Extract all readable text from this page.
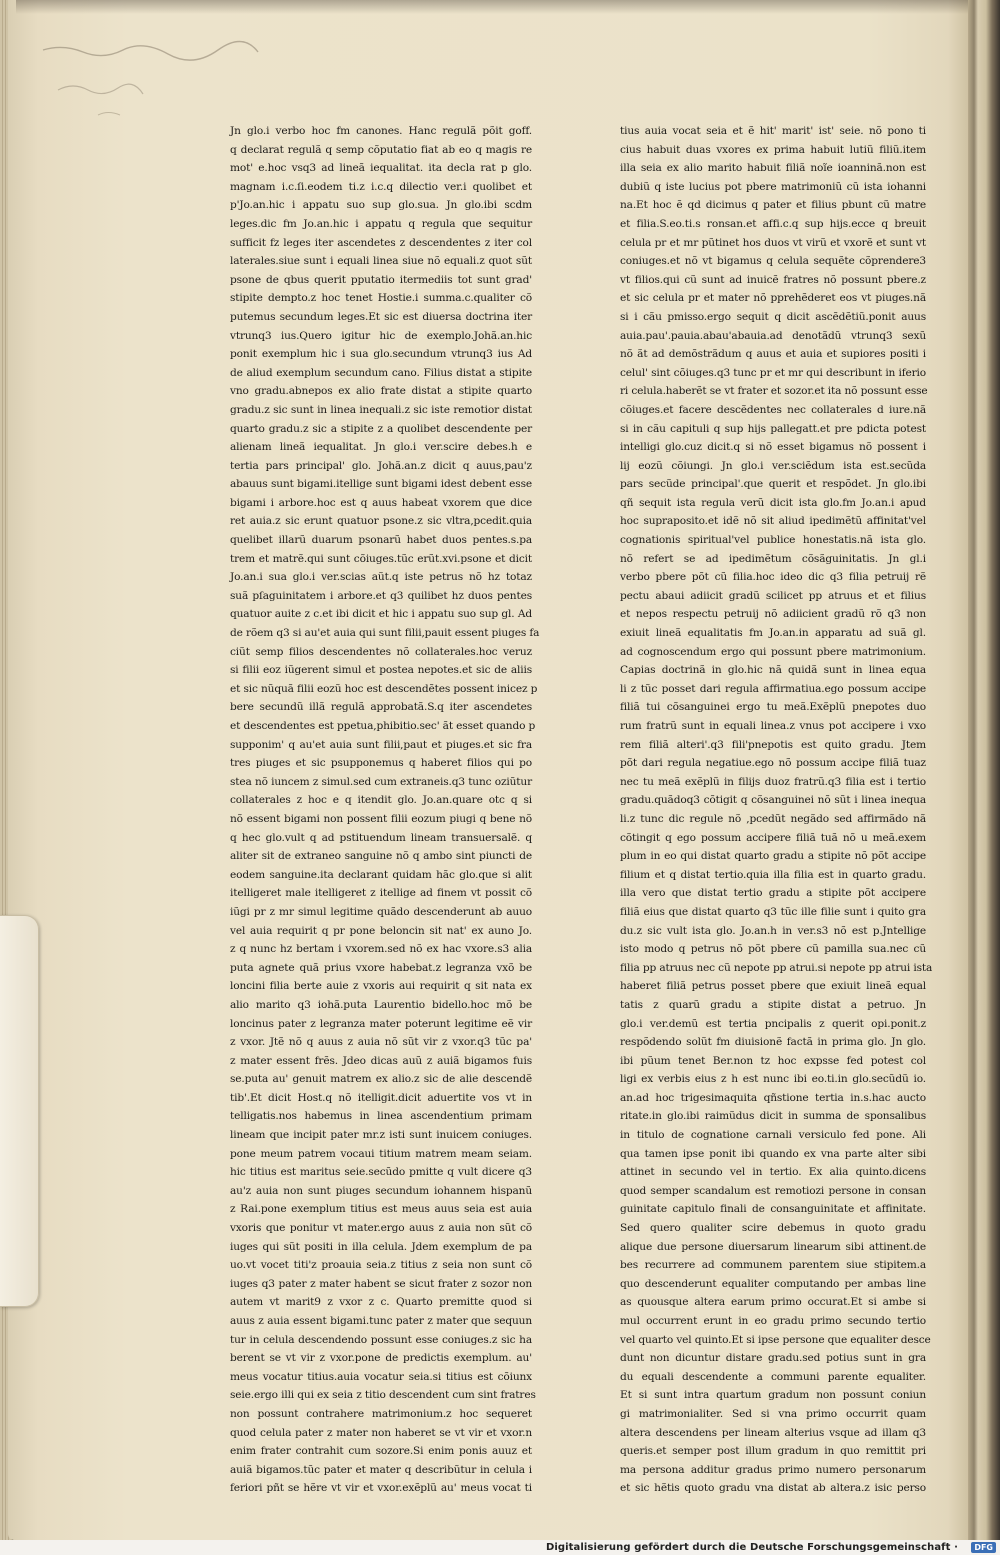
Jn glo.i verbo hoc fm canones. Hanc regulã põit goff.
q declarat regulã q semp cõputatio fiat ab eo q magis re
mot' e.hoc vsq3 ad lineã iequalitat. ita decla rat p glo.
magnam i.c.ſi.eodem ti.z i.c.q dilectio ver.i quolibet et
p'Jo.an.hic i appatu suo sup glo.sua. Jn glo.ibi scdm
leges.dic fm Jo.an.hic i appatu q regula que sequitur
sufficit fz leges iter ascendetes z descendentes z iter col
laterales.siue sunt i equali linea siue nõ equali.z quot sũt
psone de qbus querit pputatio itermediis tot sunt grad'
stipite dempto.z hoc tenet Hostie.i summa.c.qualiter cõ
putemus secundum leges.Et sic est diuersa doctrina iter
vtrunq3 ius.Quero igitur hic de exemplo.Johã.an.hic
ponit exemplum hic i sua glo.secundum vtrunq3 ius Ad
de aliud exemplum secundum cano. Filius distat a stipite
vno gradu.abnepos ex alio frate distat a stipite quarto
gradu.z sic sunt in linea inequali.z sic iste remotior distat
quarto gradu.z sic a stipite z a quolibet descendente per
alienam lineã iequalitat. Jn glo.i ver.scire debes.h e
tertia pars principal' glo. Johã.an.z dicit q auus,pau'z
abauus sunt bigami.itellige sunt bigami idest debent esse
bigami i arbore.hoc est q auus habeat vxorem que dice
ret auia.z sic erunt quatuor psone.z sic vltra,pcedit.quia
quelibet illarũ duarum psonarũ habet duos pentes.s.pa
trem et matrẽ.qui sunt cõiuges.tũc erũt.xvi.psone et dicit
Jo.an.i sua glo.i ver.scias aũt.q iste petrus nõ hz totaz
suã pſaguinitatem i arbore.et q3 quilibet hz duos pentes
quatuor auite z c.et ibi dicit et hic i appatu suo sup gl. Ad
de rõem q3 si au'et auia qui sunt filii,pauit essent piuges fa
ciũt semp filios descendentes nõ collaterales.hoc veruz
si filii eoz iũgerent simul et postea nepotes.et sic de aliis
et sic nũquã filii eozũ hoc est descendẽtes possent inicez p
bere secundũ illã regulã approbatã.S.q iter ascendetes
et descendentes est ppetua,phibitio.sec' ãt esset quando p
supponim' q au'et auia sunt filii,paut et piuges.et sic fra
tres piuges et sic psupponemus q haberet filios qui po
stea nõ iuncem z simul.sed cum extraneis.q3 tunc oziũtur
collaterales z hoc e q itendit glo. Jo.an.quare otc q si
nõ essent bigami non possent filii eozum piugi q bene nõ
q hec glo.vult q ad pstituendum lineam transuersalẽ. q
aliter sit de extraneo sanguine nõ q ambo sint piuncti de
eodem sanguine.ita declarant quidam hãc glo.que si alit
itelligeret male itelligeret z itellige ad finem vt possit cõ
iũgi pr z mr simul legitime quãdo descenderunt ab auuo
vel auia requirit q pr pone beloncin sit nat' ex auno Jo.
z q nunc hz bertam i vxorem.sed nõ ex hac vxore.s3 alia
puta agnete quã prius vxore habebat.z legranza vxõ be
loncini filia berte auie z vxoris aui requirit q sit nata ex
alio marito q3 iohã.puta Laurentio bidello.hoc mõ be
loncinus pater z legranza mater poterunt legitime eẽ vir
z vxor. Jtẽ nõ q auus z auia nõ sũt vir z vxor.q3 tũc pa'
z mater essent frẽs. Jdeo dicas auũ z auiã bigamos fuis
se.puta au' genuit matrem ex alio.z sic de alie descendẽ
tib'.Et dicit Host.q nõ itelligit.dicit aduertite vos vt in
telligatis.nos habemus in linea ascendentium primam
lineam que incipit pater mr.z isti sunt inuicem coniuges.
pone meum patrem vocaui titium matrem meam seiam.
hic titius est maritus seie.secũdo pmitte q vult dicere q3
au'z auia non sunt piuges secundum iohannem hispanũ
z Rai.pone exemplum titius est meus auus seia est auia
vxoris que ponitur vt mater.ergo auus z auia non sũt cõ
iuges qui sũt positi in illa celula. Jdem exemplum de pa
uo.vt vocet titi'z proauia seia.z titius z seia non sunt cõ
iuges q3 pater z mater habent se sicut frater z sozor non
autem vt marit9 z vxor z c. Quarto premitte quod si
auus z auia essent bigami.tunc pater z mater que sequun
tur in celula descendendo possunt esse coniuges.z sic ha
berent se vt vir z vxor.pone de predictis exemplum. au'
meus vocatur titius.auia vocatur seia.si titius est cõiunx
seie.ergo illi qui ex seia z titio descendent cum sint fratres
non possunt contrahere matrimonium.z hoc sequeret
quod celula pater z mater non haberet se vt vir et vxor.n
enim frater contrahit cum sozore.Si enim ponis auuz et
auiã bigamos.tũc pater et mater q describũtur in celula i
feriori pñt se hẽre vt vir et vxor.exẽplũ au' meus vocat ti
tius auia vocat seia et ẽ hit' marit' ist' seie. nõ pono ti
cius habuit duas vxores ex prima habuit lutiũ filiũ.item
illa seia ex alio marito habuit filiã noĩe ioanninã.non est
dubiũ q iste lucius pot pbere matrimoniũ cũ ista iohanni
na.Et hoc ẽ qd dicimus q pater et filius pbunt cũ matre
et filia.S.eo.ti.s ronsan.et affi.c.q sup hijs.ecce q breuit
celula pr et mr pũtinet hos duos vt virũ et vxorẽ et sunt vt
coniuges.et nõ vt bigamus q celula sequẽte cõprendere3
vt filios.qui cũ sunt ad inuicẽ fratres nõ possunt pbere.z
et sic celula pr et mater nõ pprehẽderet eos vt piuges.nã
si i cãu pmisso.ergo sequit q dicit ascẽdẽtiũ.ponit auus
auia.pau'.pauia.abau'abauia.ad denotãdũ vtrunq3 sexũ
nõ ãt ad demõstrãdum q auus et auia et supiores positi i
celul' sint cõiuges.q3 tunc pr et mr qui describunt in iferio
ri celula.haberẽt se vt frater et sozor.et ita nõ possunt esse
cõiuges.et facere descẽdentes nec collaterales d iure.nã
si in cãu capituli q sup hijs pallegatt.et pre pdicta potest
intelligi glo.cuz dicit.q si nõ esset bigamus nõ possent i
lij eozũ cõiungi. Jn glo.i ver.sciẽdum ista est.secũda
pars secũde principal'.que querit et respõdet. Jn glo.ibi
qñ sequit ista regula verũ dicit ista glo.fm Jo.an.i apud
hoc supraposito.et idẽ nõ sit aliud ipedimẽtũ affinitat'vel
cognationis spiritual'vel publice honestatis.nã ista glo.
nõ refert se ad ipedimẽtum cõsãguinitatis. Jn gl.i
verbo pbere põt cũ filia.hoc ideo dic q3 filia petruij rẽ
pectu abaui adiicit gradũ scilicet pp atruus et et filius
et nepos respectu petruij nõ adiicient gradũ rõ q3 non
exiuit lineã equalitatis fm Jo.an.in apparatu ad suã gl.
ad cognoscendum ergo qui possunt pbere matrimonium.
Capias doctrinã in glo.hic nã quidã sunt in linea equa
li z tũc posset dari regula affirmatiua.ego possum accipe
filiã tui cõsanguinei ergo tu meã.Exẽplũ pnepotes duo
rum fratrũ sunt in equali linea.z vnus pot accipere i vxo
rem filiã alteri'.q3 fili'pnepotis est quito gradu. Jtem
põt dari regula negatiue.ego nõ possum accipe filiã tuaz
nec tu meã exẽplũ in filijs duoz fratrũ.q3 filia est i tertio
gradu.quãdoq3 cõtigit q cõsanguinei nõ sũt i linea inequa
li.z tunc dic regule nõ ,pcedũt negãdo sed affirmãdo nã
cõtingit q ego possum accipere filiã tuã nõ u meã.exem
plum in eo qui distat quarto gradu a stipite nõ põt accipe
filium et q distat tertio.quia illa filia est in quarto gradu.
illa vero que distat tertio gradu a stipite põt accipere
filiã eius que distat quarto q3 tũc ille filie sunt i quito gra
du.z sic vult ista glo. Jo.an.h in ver.s3 nõ est p.Jntellige
isto modo q petrus nõ põt pbere cũ pamilla sua.nec cũ
filia pp atruus nec cũ nepote pp atrui.si nepote pp atrui ista
haberet filiã petrus posset pbere que exiuit lineã equal
tatis z quarũ gradu a stipite distat a petruo. Jn
glo.i ver.demũ est tertia pncipalis z querit opi.ponit.z
respõdendo solũt fm diuisionẽ factã in prima glo. Jn glo.
ibi pũum tenet Ber.non tz hoc expsse fed potest col
ligi ex verbis eius z h est nunc ibi eo.ti.in glo.secũdũ io.
an.ad hoc trigesimaquita qñstione tertia in.s.hac aucto
ritate.in glo.ibi raimũdus dicit in summa de sponsalibus
in titulo de cognatione carnali versiculo fed pone. Ali
qua tamen ipse ponit ibi quando ex vna parte alter sibi
attinet in secundo vel in tertio. Ex alia quinto.dicens
quod semper scandalum est remotiozi persone in consan
guinitate capitulo finali de consanguinitate et affinitate.
Sed quero qualiter scire debemus in quoto gradu
alique due persone diuersarum linearum sibi attinent.de
bes recurrere ad communem parentem siue stipitem.a
quo descenderunt equaliter computando per ambas line
as quousque altera earum primo occurat.Et si ambe si
mul occurrent erunt in eo gradu primo secundo tertio
vel quarto vel quinto.Et si ipse persone que equaliter desce
dunt non dicuntur distare gradu.sed potius sunt in gra
du equali descendente a communi parente equaliter.
Et si sunt intra quartum gradum non possunt coniun
gi matrimonialiter. Sed si vna primo occurrit quam
altera descendens per lineam alterius vsque ad illam q3
queris.et semper post illum gradum in quo remittit pri
ma persona additur gradus primo numero personarum
et sic hẽtis quoto gradu vna distat ab altera.z isic perso
Digitalisierung gefördert durch die Deutsche Forschungsgemeinschaft ·	DFG
